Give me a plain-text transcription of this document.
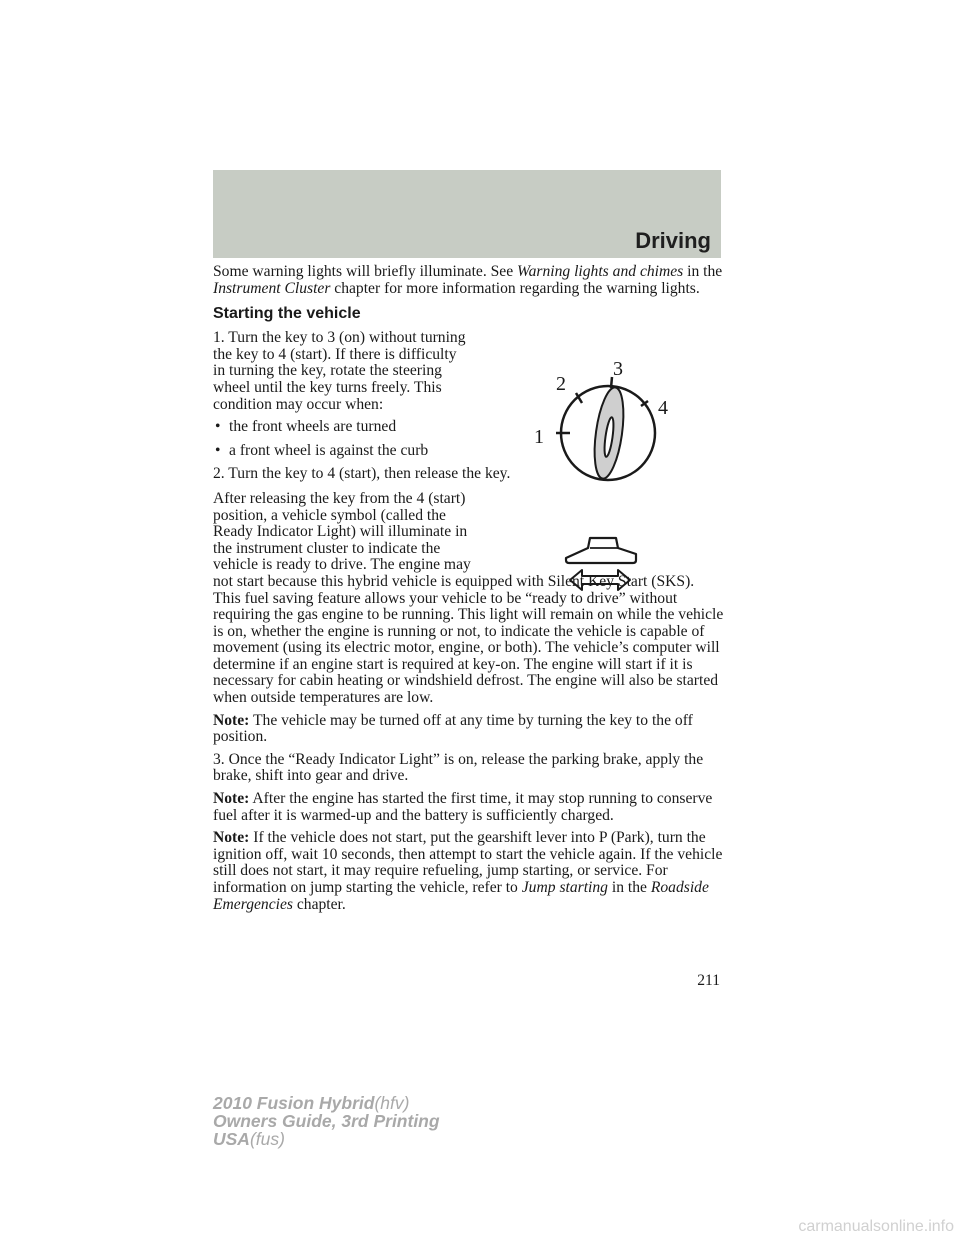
Driving

Some warning lights will briefly illuminate. See Warning lights and chimes in the Instrument Cluster chapter for more information regarding the warning lights.

Starting the vehicle

1. Turn the key to 3 (on) without turning the key to 4 (start). If there is difficulty in turning the key, rotate the steering wheel until the key turns freely. This condition may occur when:

• the front wheels are turned
• a front wheel is against the curb

2. Turn the key to 4 (start), then release the key.

After releasing the key from the 4 (start) position, a vehicle symbol (called the Ready Indicator Light) will illuminate in the instrument cluster to indicate the vehicle is ready to drive. The engine may not start because this hybrid vehicle is equipped with Silent Key Start (SKS). This fuel saving feature allows your vehicle to be “ready to drive” without requiring the gas engine to be running. This light will remain on while the vehicle is on, whether the engine is running or not, to indicate the vehicle is capable of movement (using its electric motor, engine, or both). The vehicle’s computer will determine if an engine start is required at key-on. The engine will start if it is necessary for cabin heating or windshield defrost. The engine will also be started when outside temperatures are low.

Note: The vehicle may be turned off at any time by turning the key to the off position.

3. Once the “Ready Indicator Light” is on, release the parking brake, apply the brake, shift into gear and drive.

Note: After the engine has started the first time, it may stop running to conserve fuel after it is warmed-up and the battery is sufficiently charged.

Note: If the vehicle does not start, put the gearshift lever into P (Park), turn the ignition off, wait 10 seconds, then attempt to start the vehicle again. If the vehicle still does not start, it may require refueling, jump starting, or service. For information on jump starting the vehicle, refer to Jump starting in the Roadside Emergencies chapter.

1
2
3
4
211
2010 Fusion Hybrid(hfv)
Owners Guide, 3rd Printing
USA(fus)
carmanualsonline.info
